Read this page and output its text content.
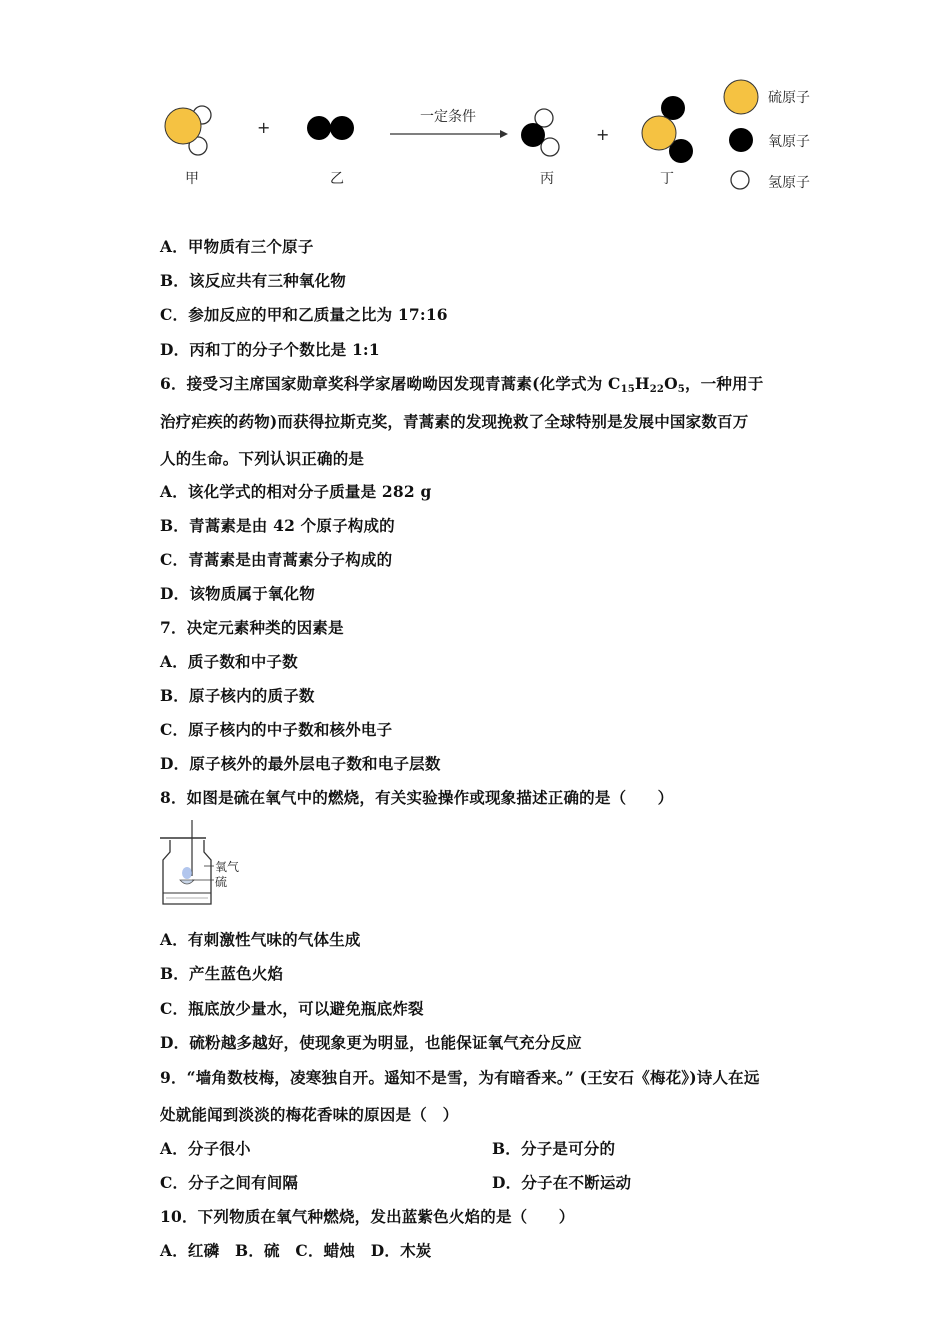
一定条件
+	+
甲	乙	丙	丁
硫原子
氧原子
氢原子
A．甲物质有三个原子
B．该反应共有三种氧化物
C．参加反应的甲和乙质量之比为 17:16
D．丙和丁的分子个数比是 1:1
6．接受习主席国家勋章奖科学家屠呦呦因发现青蒿素(化学式为 $C_{15}H_{22}O_5$，一种用于
治疗疟疾的药物)而获得拉斯克奖，青蒿素的发现挽救了全球特别是发展中国家数百万
人的生命。下列认识正确的是
A．该化学式的相对分子质量是 282 g
B．青蒿素是由 42 个原子构成的
C．青蒿素是由青蒿素分子构成的
D．该物质属于氧化物
7．决定元素种类的因素是
A．质子数和中子数
B．原子核内的质子数
C．原子核内的中子数和核外电子
D．原子核外的最外层电子数和电子层数
8．如图是硫在氧气中的燃烧，有关实验操作或现象描述正确的是（　　）
氧气
硫
A．有刺激性气味的气体生成
B．产生蓝色火焰
C．瓶底放少量水，可以避免瓶底炸裂
D．硫粉越多越好，使现象更为明显，也能保证氧气充分反应
9．“墙角数枝梅，凌寒独自开。遥知不是雪，为有暗香来。” (王安石《梅花》)诗人在远
处就能闻到淡淡的梅花香味的原因是（　）
A．分子很小	B．分子是可分的
C．分子之间有间隔	D．分子在不断运动
10．下列物质在氧气种燃烧，发出蓝紫色火焰的是（　　）
A．红磷　B．硫　C．蜡烛　D．木炭
